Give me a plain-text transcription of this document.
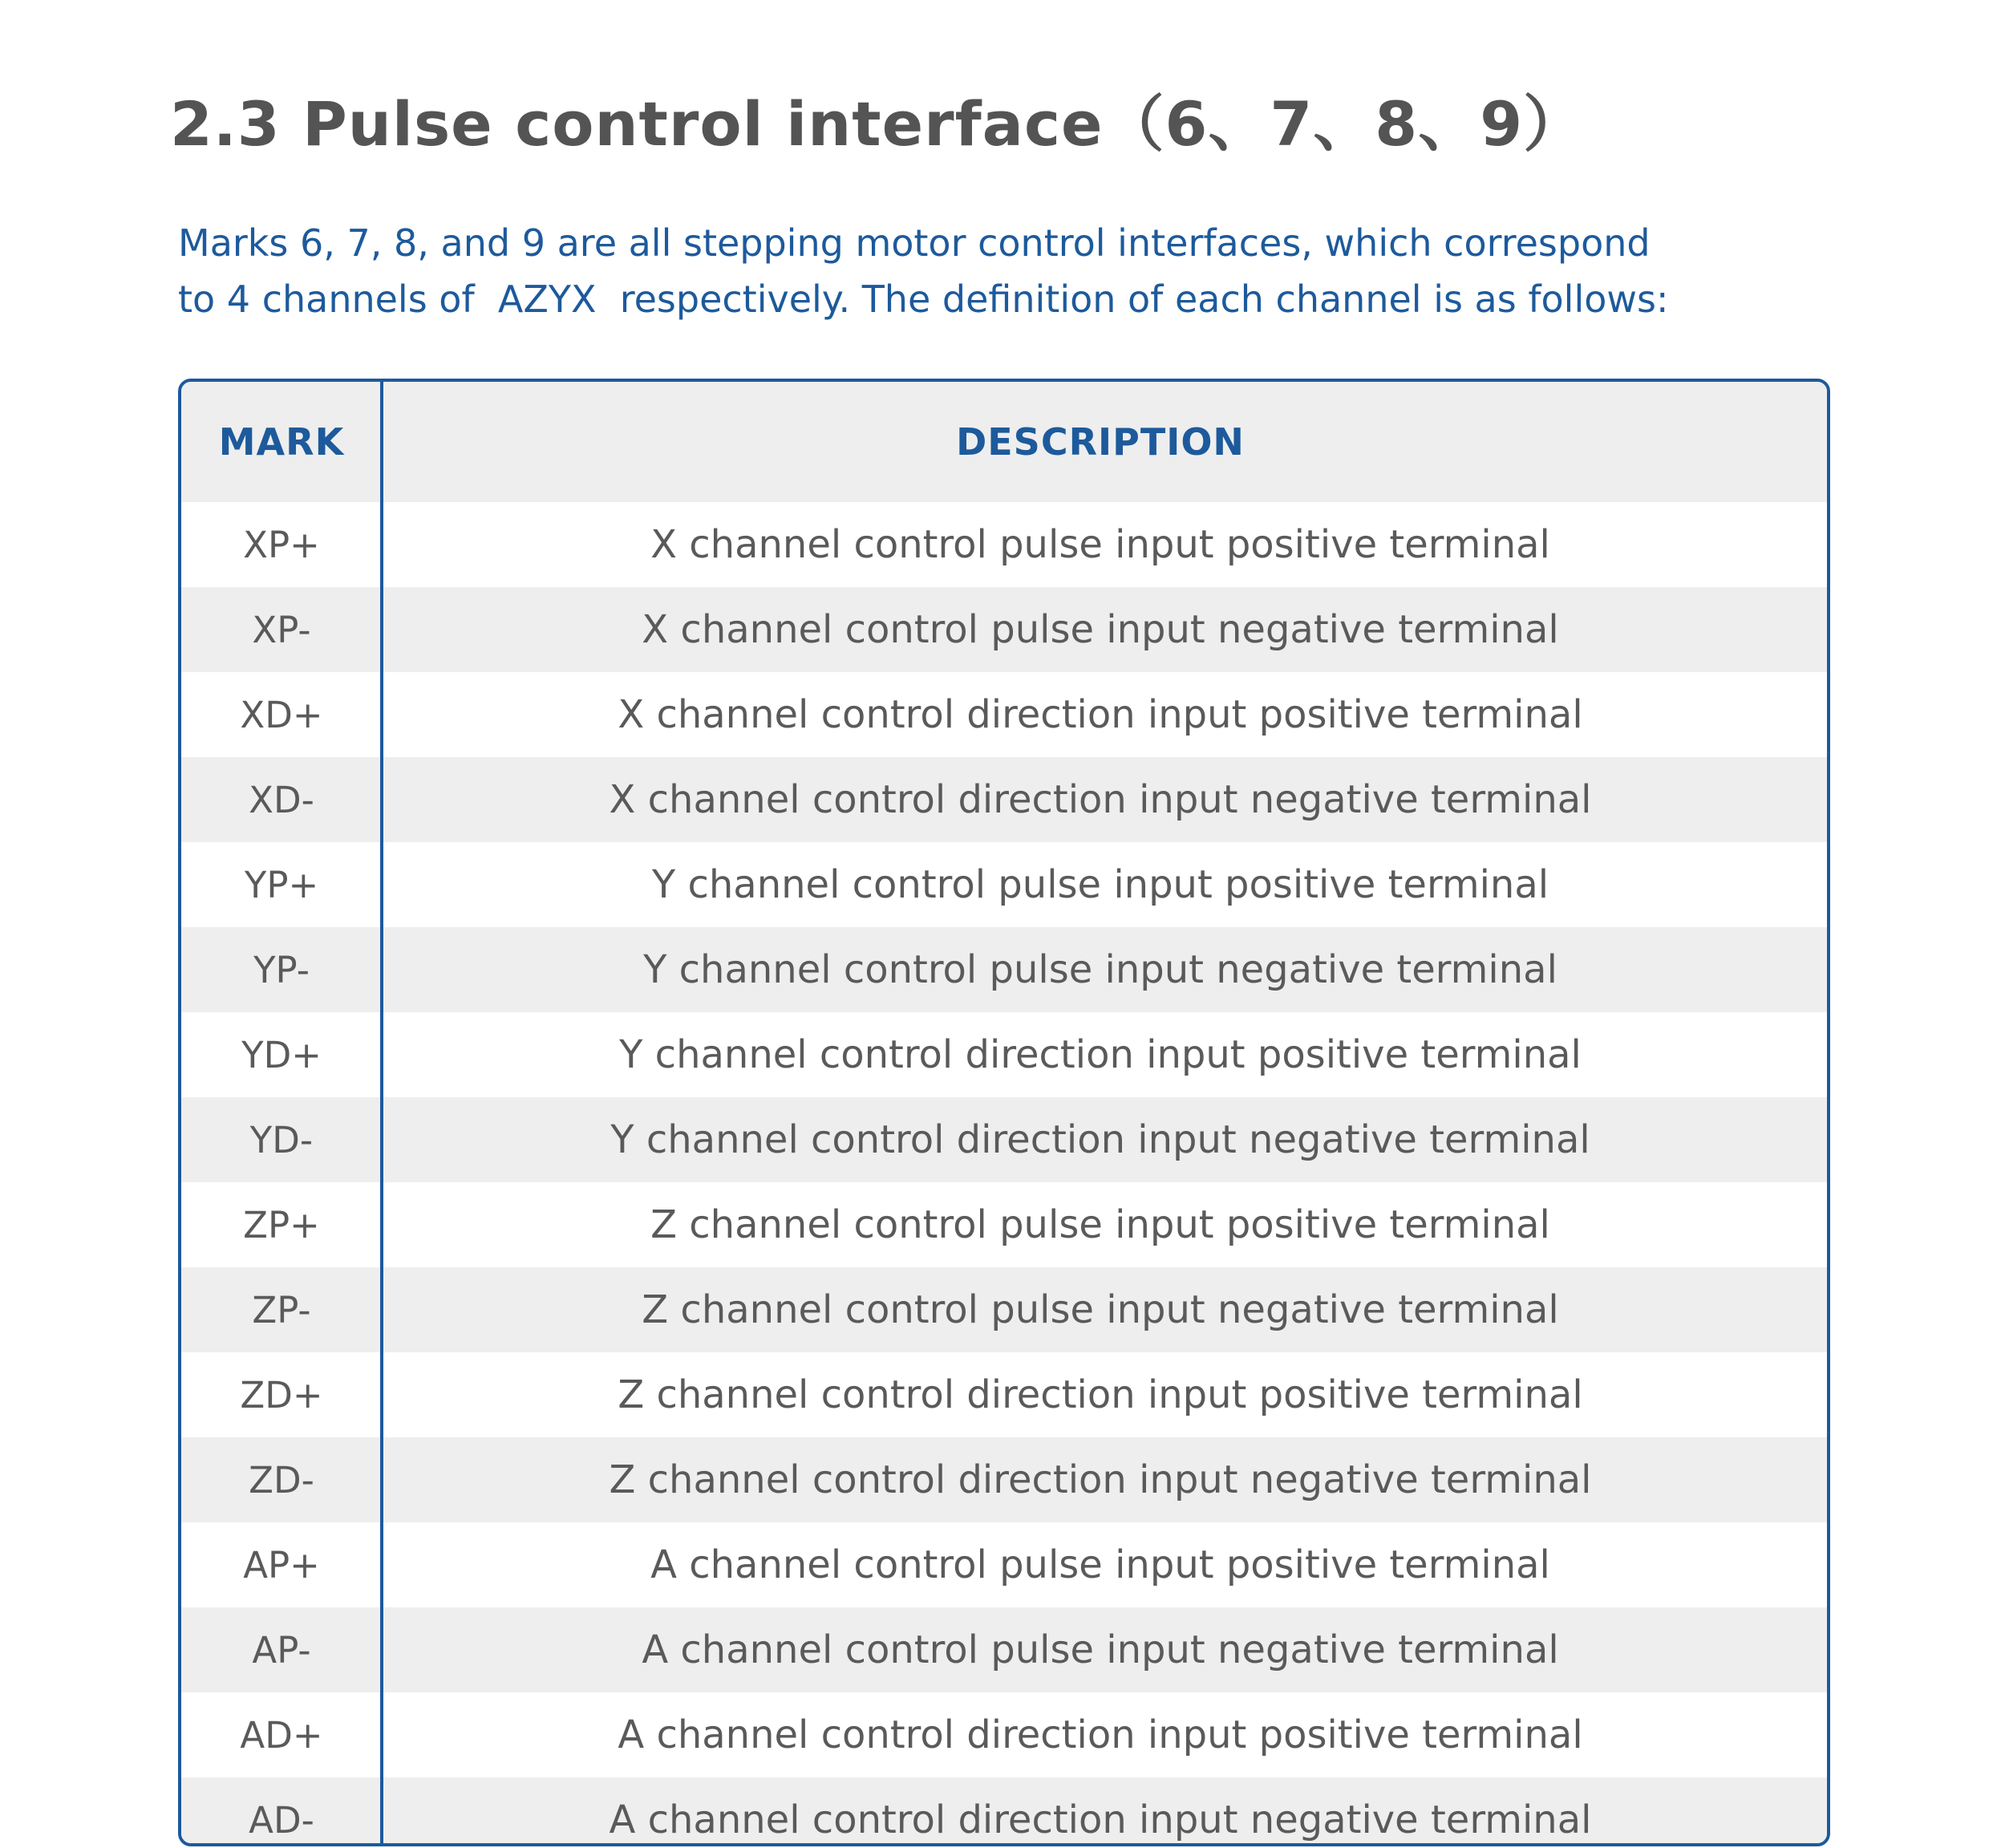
2.3 Pulse control interface（6、7、8、9）
Marks 6, 7, 8, and 9 are all stepping motor control interfaces, which correspond
to 4 channels of  AZYX  respectively. The definition of each channel is as follows:
MARK	DESCRIPTION
XP+	X channel control pulse input positive terminal
XP-	X channel control pulse input negative terminal
XD+	X channel control direction input positive terminal
XD-	X channel control direction input negative terminal
YP+	Y channel control pulse input positive terminal
YP-	Y channel control pulse input negative terminal
YD+	Y channel control direction input positive terminal
YD-	Y channel control direction input negative terminal
ZP+	Z channel control pulse input positive terminal
ZP-	Z channel control pulse input negative terminal
ZD+	Z channel control direction input positive terminal
ZD-	Z channel control direction input negative terminal
AP+	A channel control pulse input positive terminal
AP-	A channel control pulse input negative terminal
AD+	A channel control direction input positive terminal
AD-	A channel control direction input negative terminal
